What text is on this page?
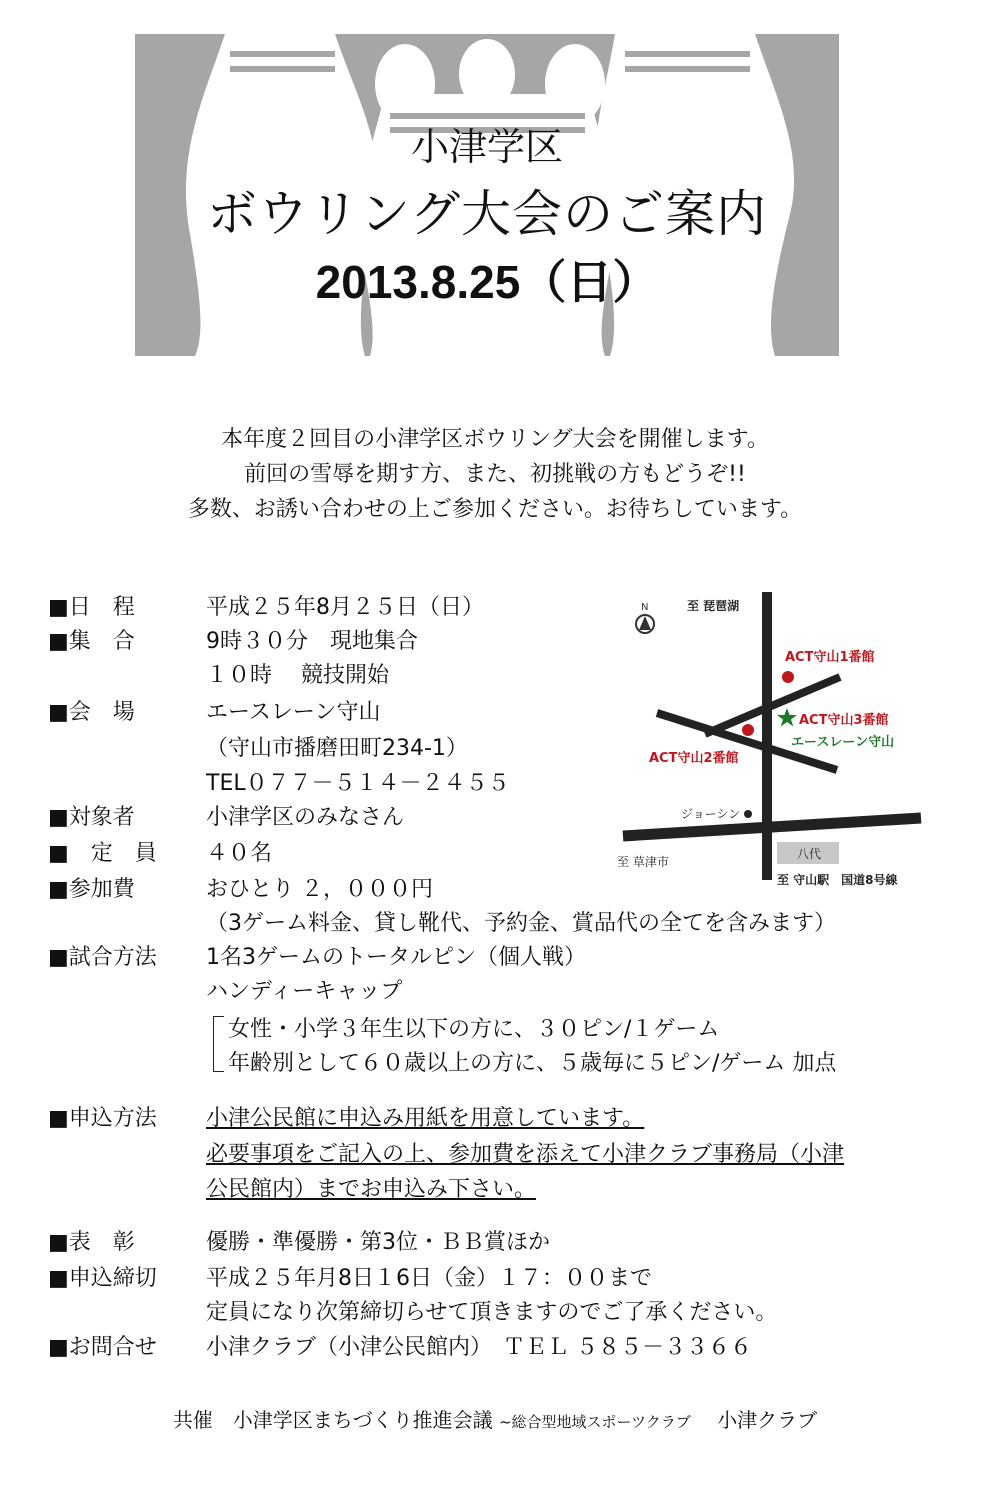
小津学区
ボウリング大会のご案内
2013.8.25（日）
本年度２回目の小津学区ボウリング大会を開催します。
前回の雪辱を期す方、また、初挑戦の方もどうぞ!!
多数、お誘い合わせの上ご参加ください。お待ちしています。
■日　程	平成２５年8月２５日（日）
■集　合	9時３０分　現地集合
１０時　 競技開始
■会　場	エースレーン守山
（守山市播磨田町234-1）
TEL０７７－５１４－２４５５
■対象者	小津学区のみなさん
■　定　員 ４０名
■参加費	おひとり ２，０００円
（3ゲーム料金、貸し靴代、予約金、賞品代の全てを含みます）
■試合方法 1名3ゲームのトータルピン（個人戦）
ハンディーキャップ
女性・小学３年生以下の方に、３０ピン/１ゲーム
年齢別として６０歳以上の方に、５歳毎に５ピン/ゲーム 加点
■申込方法 小津公民館に申込み用紙を用意しています。
必要事項をご記入の上、参加費を添えて小津クラブ事務局（小津
公民館内）までお申込み下さい。
■表　彰	優勝・準優勝・第3位・ＢＢ賞ほか
■申込締切 平成２５年月8日１6日（金）１７：００まで
定員になり次第締切らせて頂きますのでご了承ください。
■お問合せ 小津クラブ（小津公民館内）　ＴＥＬ ５８５－３３６６
N	至 琵琶湖
ACT守山1番館
ACT守山3番館
エースレーン守山
ACT守山2番館
ジョーシン
至 草津市
八代
至 守山駅　国道8号線
共催　小津学区まちづくり推進会議 ~総合型地域スポーツクラブ 　小津クラブ
